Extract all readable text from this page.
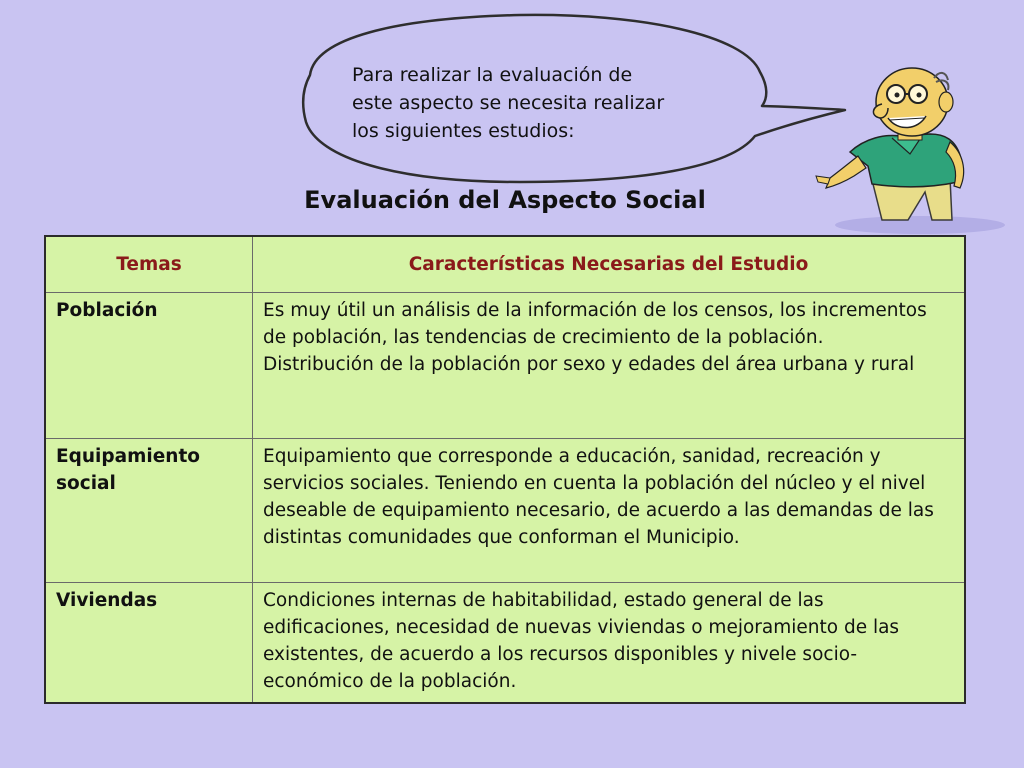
Para realizar la evaluación de
este aspecto se necesita realizar
los siguientes estudios:
Evaluación del Aspecto Social
Temas	Características Necesarias del Estudio
Población	Es muy útil un análisis de la información de los censos, los incrementos de población, las tendencias de crecimiento de la población.
Distribución de la población por sexo y edades del área urbana y rural
Equipamiento social	Equipamiento que corresponde a educación, sanidad, recreación y servicios sociales. Teniendo en cuenta la población del núcleo y el nivel deseable de equipamiento necesario, de acuerdo a las demandas de las distintas comunidades que conforman el Municipio.
Viviendas	Condiciones internas de habitabilidad, estado general de las edificaciones, necesidad de nuevas viviendas o mejoramiento de las existentes, de acuerdo a los recursos disponibles y nivele socio-económico de la población.
